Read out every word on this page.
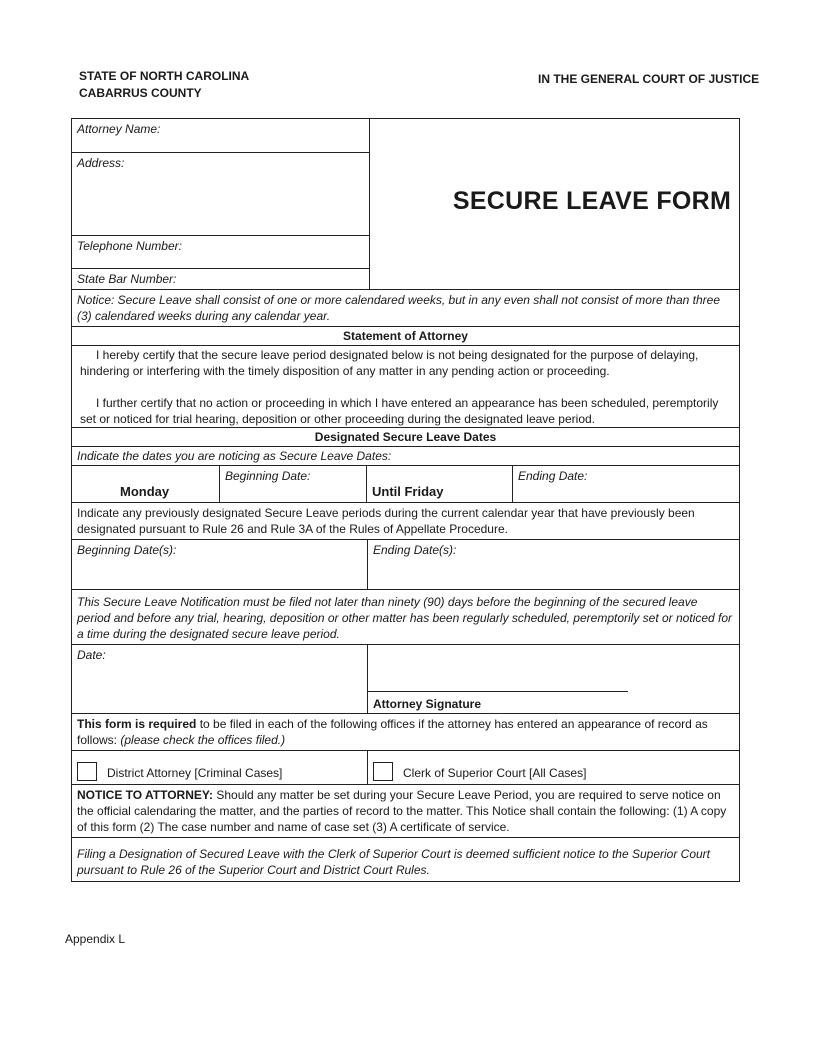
STATE OF NORTH CAROLINA
CABARRUS COUNTY
IN THE GENERAL COURT OF JUSTICE
Attorney Name:
Address:
Telephone Number:
State Bar Number:
SECURE LEAVE FORM
Notice: Secure Leave shall consist of one or more calendared weeks, but in any even shall not consist of more than three (3) calendared weeks during any calendar year.
Statement of Attorney
I hereby certify that the secure leave period designated below is not being designated for the purpose of delaying, hindering or interfering with the timely disposition of any matter in any pending action or proceeding.
I further certify that no action or proceeding in which I have entered an appearance has been scheduled, peremptorily set or noticed for trial hearing, deposition or other proceeding during the designated leave period.
Designated Secure Leave Dates
Indicate the dates you are noticing as Secure Leave Dates:
Monday
Beginning Date:
Until Friday
Ending Date:
Indicate any previously designated Secure Leave periods during the current calendar year that have previously been designated pursuant to Rule 26 and Rule 3A of the Rules of Appellate Procedure.
Beginning Date(s):	Ending Date(s):
This Secure Leave Notification must be filed not later than ninety (90) days before the beginning of the secured leave period and before any trial, hearing, deposition or other matter has been regularly scheduled, peremptorily set or noticed for a time during the designated secure leave period.
Date:
Attorney Signature
This form is required to be filed in each of the following offices if the attorney has entered an appearance of record as follows: (please check the offices filed.)
District Attorney [Criminal Cases]	Clerk of Superior Court [All Cases]
NOTICE TO ATTORNEY: Should any matter be set during your Secure Leave Period, you are required to serve notice on the official calendaring the matter, and the parties of record to the matter. This Notice shall contain the following: (1) A copy of this form (2) The case number and name of case set (3) A certificate of service.
Filing a Designation of Secured Leave with the Clerk of Superior Court is deemed sufficient notice to the Superior Court pursuant to Rule 26 of the Superior Court and District Court Rules.
Appendix L
